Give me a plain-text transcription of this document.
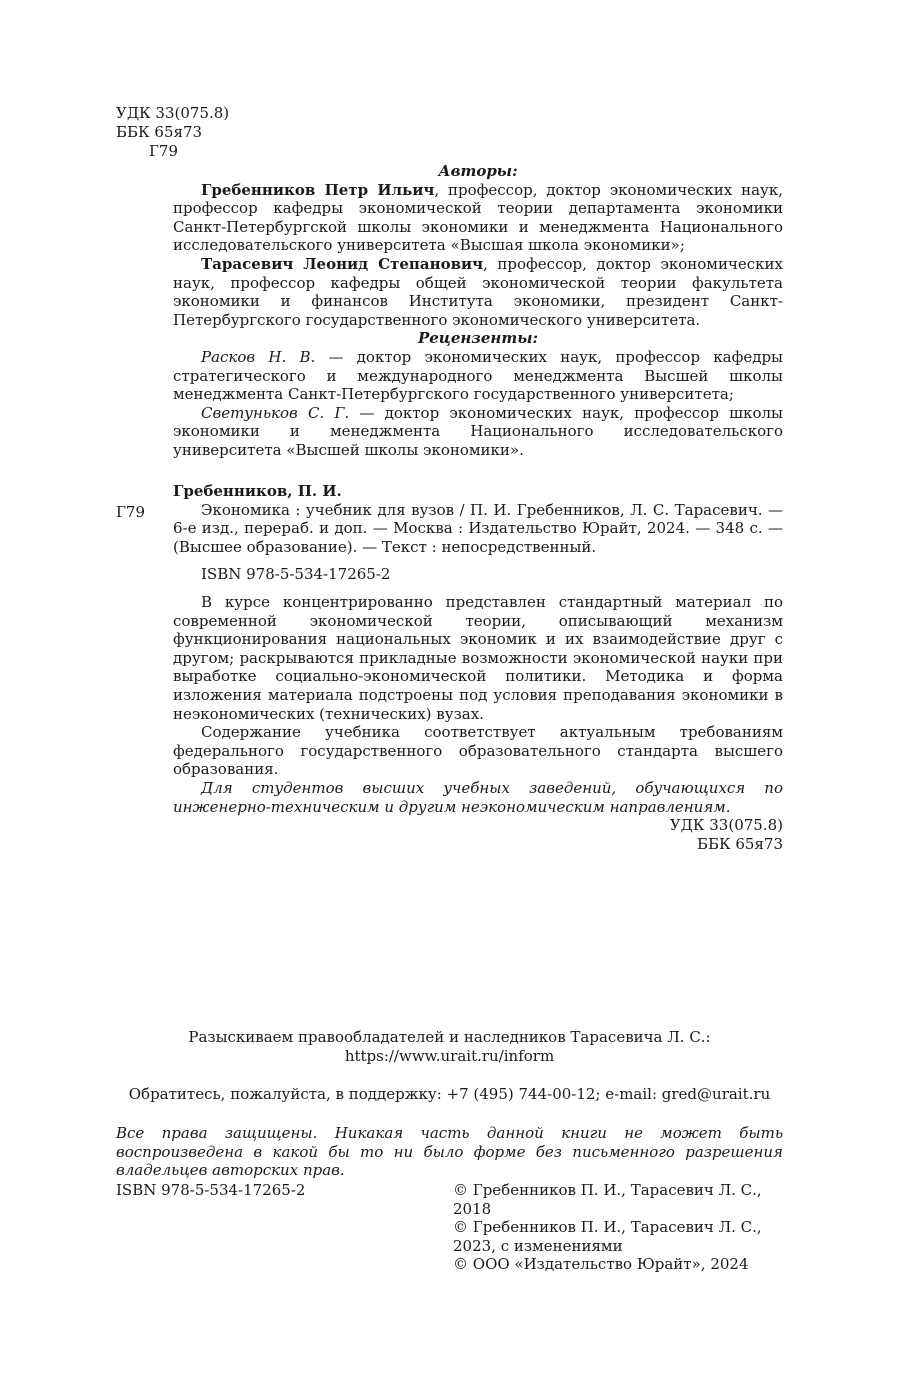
УДК 33(075.8)
ББК 65я73
Г79

Авторы:

Гребенников Петр Ильич, профессор, доктор экономических наук, профессор кафедры экономической теории департамента экономики Санкт-Петербургской школы экономики и менеджмента Национального исследовательского университета «Высшая школа экономики»;

Тарасевич Леонид Степанович, профессор, доктор экономических наук, профессор кафедры общей экономической теории факультета экономики и финансов Института экономики, президент Санкт-Петербургского государственного экономического университета.

Рецензенты:

Расков Н. В. — доктор экономических наук, профессор кафедры стратегического и международного менеджмента Высшей школы менеджмента Санкт-Петербургского государственного университета;

Светуньков С. Г. — доктор экономических наук, профессор школы экономики и менеджмента Национального исследовательского университета «Высшей школы экономики».

Г79

Гребенников, П. И.

Экономика : учебник для вузов / П. И. Гребенников, Л. С. Тарасевич. — 6-е изд., перераб. и доп. — Москва : Издательство Юрайт, 2024. — 348 с. — (Высшее образование). — Текст : непосредственный.

ISBN 978-5-534-17265-2

В курсе концентрированно представлен стандартный материал по современной экономической теории, описывающий механизм функционирования национальных экономик и их взаимодействие друг с другом; раскрываются прикладные возможности экономической науки при выработке социально-экономической политики. Методика и форма изложения материала подстроены под условия преподавания экономики в неэкономических (технических) вузах.

Содержание учебника соответствует актуальным требованиям федерального государственного образовательного стандарта высшего образования.

Для студентов высших учебных заведений, обучающихся по инженерно-техническим и другим неэкономическим направлениям.

УДК 33(075.8)

ББК 65я73

Разыскиваем правообладателей и наследников Тарасевича Л. С.:

https://www.urait.ru/inform

Обратитесь, пожалуйста, в поддержку: +7 (495) 744-00-12; e-mail: gred@urait.ru
Все права защищены. Никакая часть данной книги не может быть воспроизведена в какой бы то ни было форме без письменного разрешения владельцев авторских прав.
ISBN 978-5-534-17265-2	© Гребенников П. И., Тарасевич Л. С., 2018

© Гребенников П. И., Тарасевич Л. С., 2023, с изменениями

© ООО «Издательство Юрайт», 2024
